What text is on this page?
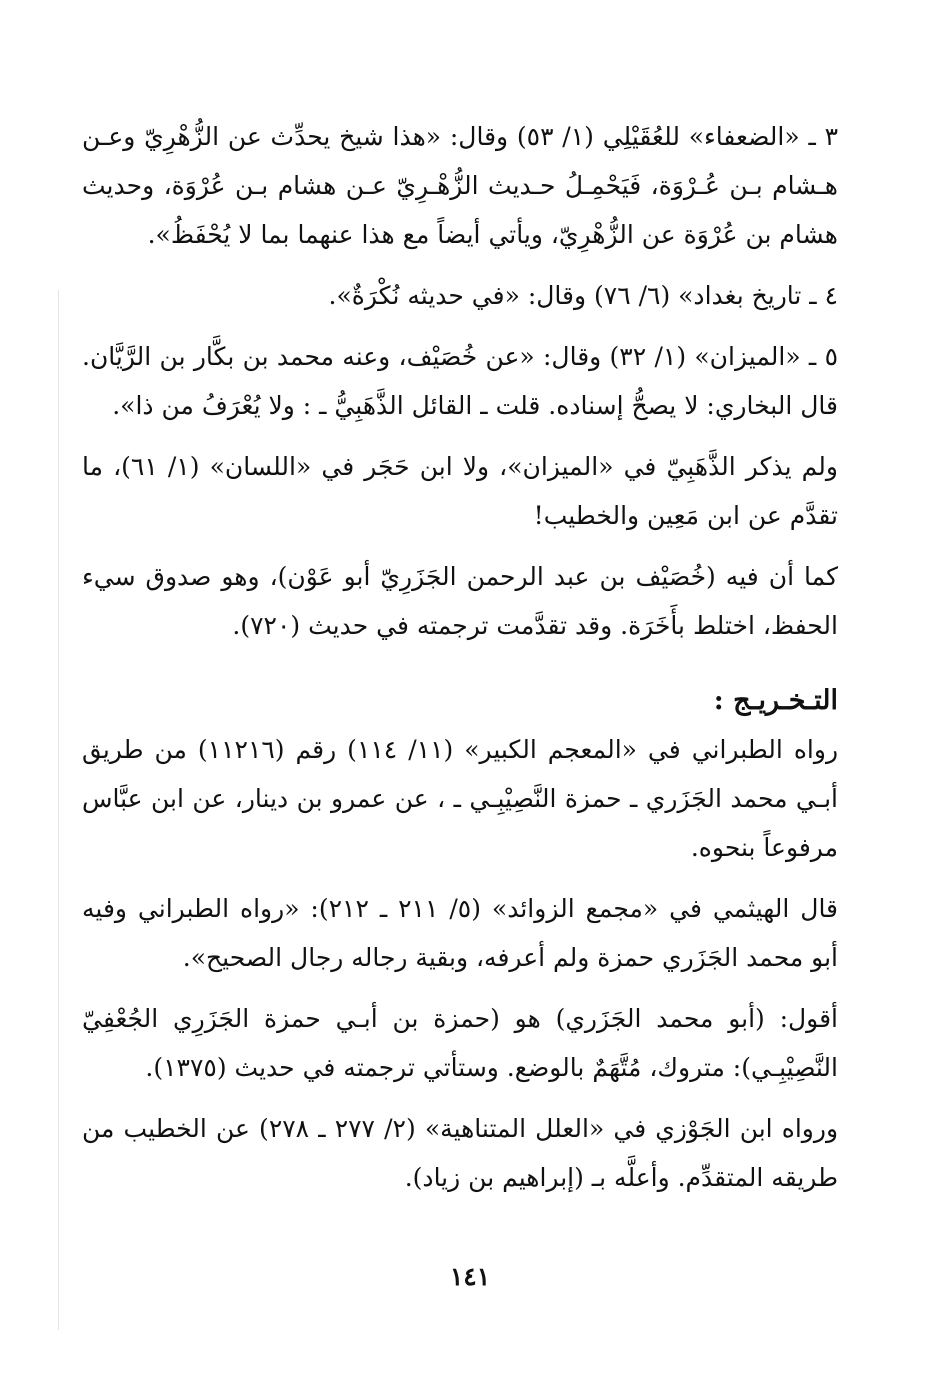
٣ ـ «الضعفاء» للعُقَيْلِي (١/ ٥٣) وقال: «هذا شيخ يحدِّث عن الزُّهْرِيّ وعـن هـشام بـن عُـرْوَة، فَيَحْمِـلُ حـديث الزُّهْـرِيّ عـن هشام بـن عُرْوَة، وحديث هشام بن عُرْوَة عن الزُّهْرِيّ، ويأتي أيضاً مع هذا عنهما بما لا يُحْفَظُ».

٤ ـ تاريخ بغداد» (٦/ ٧٦) وقال: «في حديثه نُكْرَةٌ».

٥ ـ «الميزان» (١/ ٣٢) وقال: «عن خُصَيْف، وعنه محمد بن بكَّار بن الرَّيَّان. قال البخاري: لا يصحُّ إسناده. قلت ـ القائل الذَّهَبِيُّ ـ : ولا يُعْرَفُ من ذا».

ولم يذكر الذَّهَبِيّ في «الميزان»، ولا ابن حَجَر في «اللسان» (١/ ٦١)، ما تقدَّم عن ابن مَعِين والخطيب!

كما أن فيه (خُصَيْف بن عبد الرحمن الجَزَرِيّ أبو عَوْن)، وهو صدوق سيء الحفظ، اختلط بأَخَرَة. وقد تقدَّمت ترجمته في حديث (٧٢٠).

التـخـريـج :

رواه الطبراني في «المعجم الكبير» (١١/ ١١٤) رقم (١١٢١٦) من طريق أبـي محمد الجَزَري ـ حمزة النَّصِيْبِـي ـ ، عن عمرو بن دينار، عن ابن عبَّاس مرفوعاً بنحوه.

قال الهيثمي في «مجمع الزوائد» (٥/ ٢١١ ـ ٢١٢): «رواه الطبراني وفيه أبو محمد الجَزَري حمزة ولم أعرفه، وبقية رجاله رجال الصحيح».

أقول: (أبو محمد الجَزَري) هو (حمزة بن أبـي حمزة الجَزَرِي الجُعْفِيّ النَّصِيْبِـي): متروك، مُتَّهَمٌ بالوضع. وستأتي ترجمته في حديث (١٣٧٥).

ورواه ابن الجَوْزي في «العلل المتناهية» (٢/ ٢٧٧ ـ ٢٧٨) عن الخطيب من طريقه المتقدِّم. وأعلَّه بـ (إبراهيم بن زياد).

١٤١
